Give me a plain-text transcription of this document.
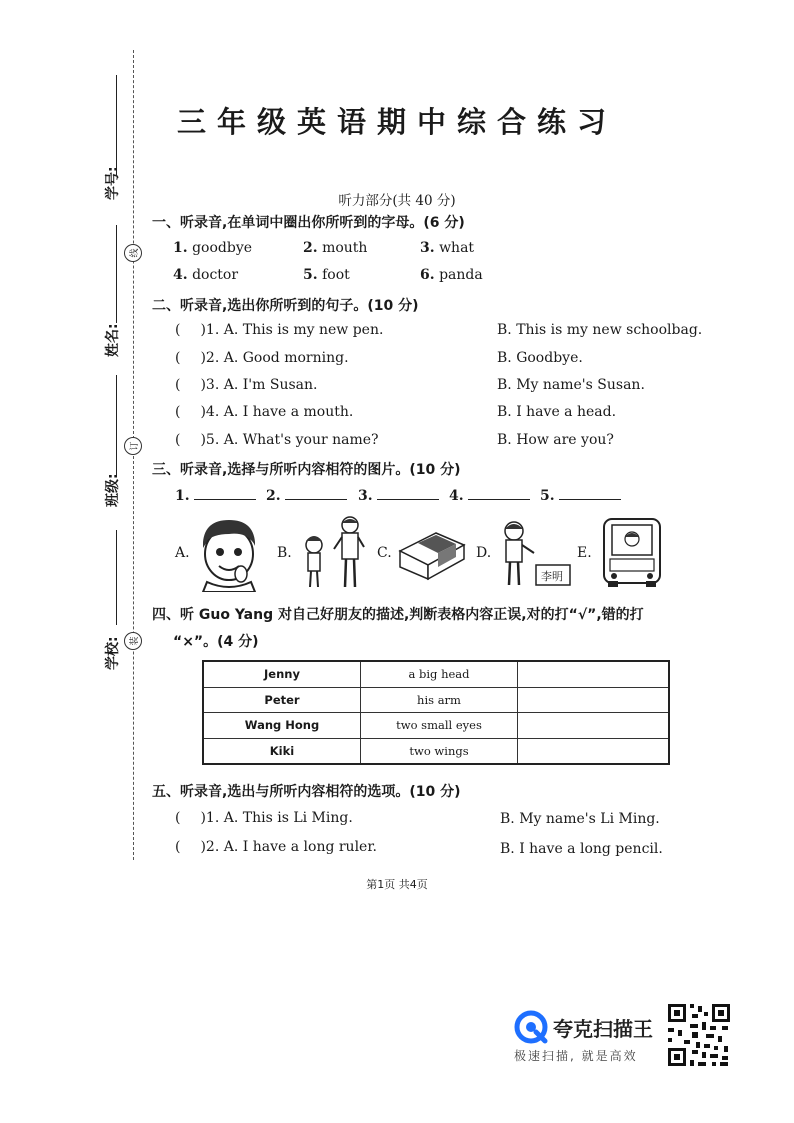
学号:
姓名:
班级:
学校:
线
订
装
三年级英语期中综合练习
听力部分(共 40 分)
一、听录音,在单词中圈出你所听到的字母。(6 分)
1. goodbye	2. mouth	3. what
4. doctor	5. foot	6. panda
二、听录音,选出你所听到的句子。(10 分)
( )1. A. This is my new pen.	B. This is my new schoolbag.
( )2. A. Good morning.	B. Goodbye.
( )3. A. I'm Susan.	B. My name's Susan.
( )4. A. I have a mouth.	B. I have a head.
( )5. A. What's your name?	B. How are you?
三、听录音,选择与所听内容相符的图片。(10 分)
1.	2.	3.	4.	5.
A.	B.	C.	D.
李明
E.
四、听 Guo Yang 对自己好朋友的描述,判断表格内容正误,对的打“√”,错的打
“×”。(4 分)
Jenny	a big head	
Peter	his arm	
Wang Hong	two small eyes	
Kiki	two wings	
五、听录音,选出与所听内容相符的选项。(10 分)
( )1. A. This is Li Ming.	B. My name's Li Ming.
( )2. A. I have a long ruler.	B. I have a long pencil.
第1页 共4页
夸克扫描王
极速扫描, 就是高效
